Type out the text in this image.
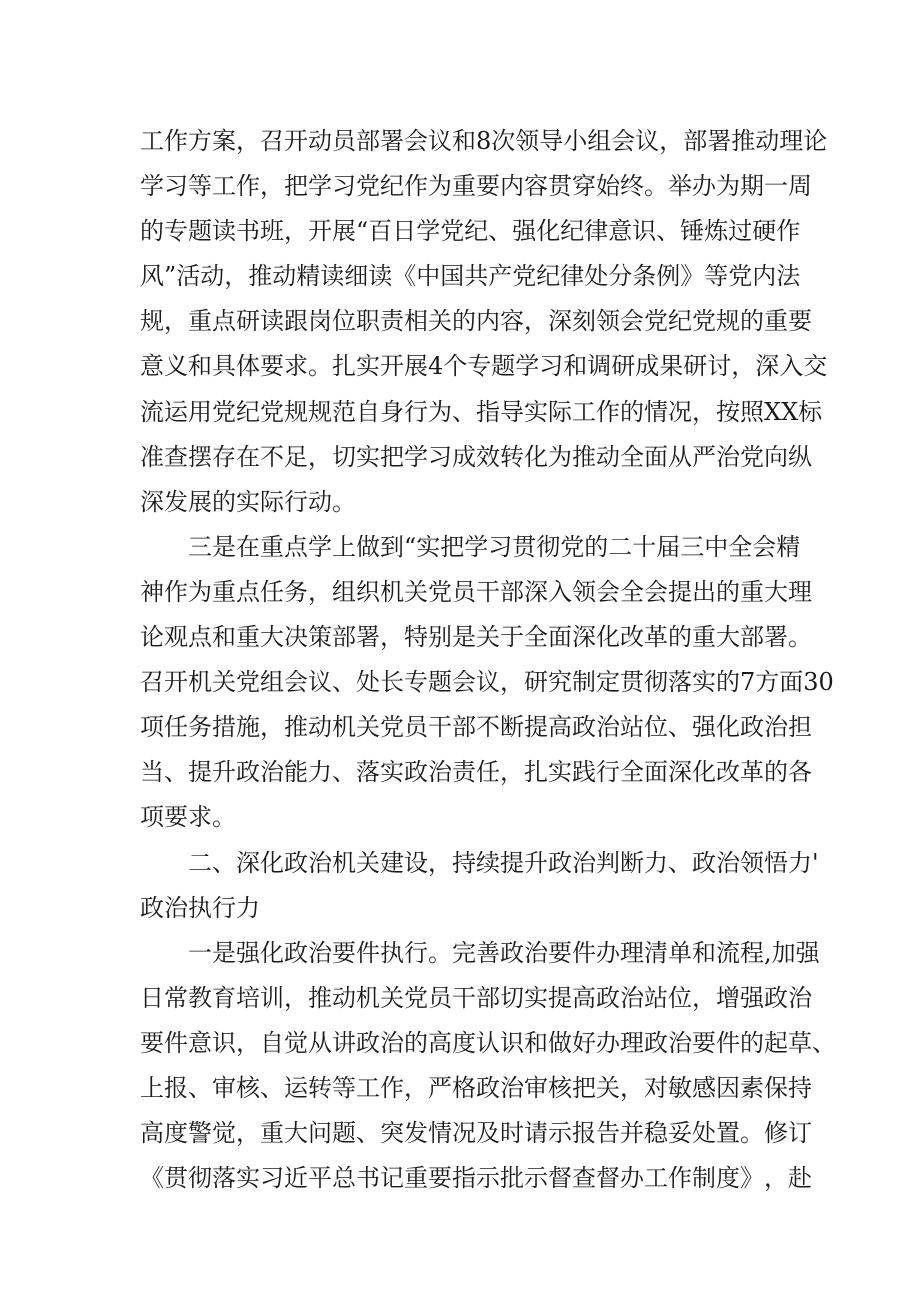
工 作 方 案 ， 召 开 动 员 部 署 会 议 和 8 次 领 导 小 组 会 议 ， 部 署 推 动 理 论
学 习 等 工 作 ， 把 学 习 党 纪 作 为 重 要 内 容 贯 穿 始 终 。 举 办 为 期 一 周
的 专 题 读 书 班 ， 开 展 “ 百 日 学 党 纪 、 强 化 纪 律 意 识 、 锤 炼 过 硬 作
风 ” 活 动 ， 推 动 精 读 细 读 《 中 国 共 产 党 纪 律 处 分 条 例 》 等 党 内 法
规 ， 重 点 研 读 跟 岗 位 职 责 相 关 的 内 容 ， 深 刻 领 会 党 纪 党 规 的 重 要
意 义 和 具 体 要 求 。 扎 实 开 展 4 个 专 题 学 习 和 调 研 成 果 研 讨 ， 深 入 交
流 运 用 党 纪 党 规 规 范 自 身 行 为 、 指 导 实 际 工 作 的 情 况 ， 按 照 XX 标
准 查 摆 存 在 不 足 ， 切 实 把 学 习 成 效 转 化 为 推 动 全 面 从 严 治 党 向 纵
深发展的实际行动。
三 是 在 重 点 学 上 做 到 “ 实 把 学 习 贯 彻 党 的 二 十 届 三 中 全 会 精
神 作 为 重 点 任 务 ， 组 织 机 关 党 员 干 部 深 入 领 会 全 会 提 出 的 重 大 理
论 观 点 和 重 大 决 策 部 署 ， 特 别 是 关 于 全 面 深 化 改 革 的 重 大 部 署 。
召 开 机 关 党 组 会 议 、 处 长 专 题 会 议 ， 研 究 制 定 贯 彻 落 实 的 7 方 面 30
项 任 务 措 施 ， 推 动 机 关 党 员 干 部 不 断 提 高 政 治 站 位 、 强 化 政 治 担
当 、 提 升 政 治 能 力 、 落 实 政 治 责 任 ， 扎 实 践 行 全 面 深 化 改 革 的 各
项要求。
二 、 深 化 政 治 机 关 建 设 ， 持 续 提 升 政 治 判 断 力 、 政 治 领 悟 力 '
政治执行力
一 是 强 化 政 治 要 件 执 行 。 完 善 政 治 要 件 办 理 清 单 和 流 程 , 加 强
日 常 教 育 培 训 ， 推 动 机 关 党 员 干 部 切 实 提 高 政 治 站 位 ， 增 强 政 治
要 件 意 识 ， 自 觉 从 讲 政 治 的 高 度 认 识 和 做 好 办 理 政 治 要 件 的 起 草 、
上 报 、 审 核 、 运 转 等 工 作 ， 严 格 政 治 审 核 把 关 ， 对 敏 感 因 素 保 持
高 度 警 觉 ， 重 大 问 题 、 突 发 情 况 及 时 请 示 报 告 并 稳 妥 处 置 。 修 订
《 贯 彻 落 实 习 近 平 总 书 记 重 要 指 示 批 示 督 查 督 办 工 作 制 度 》 ， 赴
